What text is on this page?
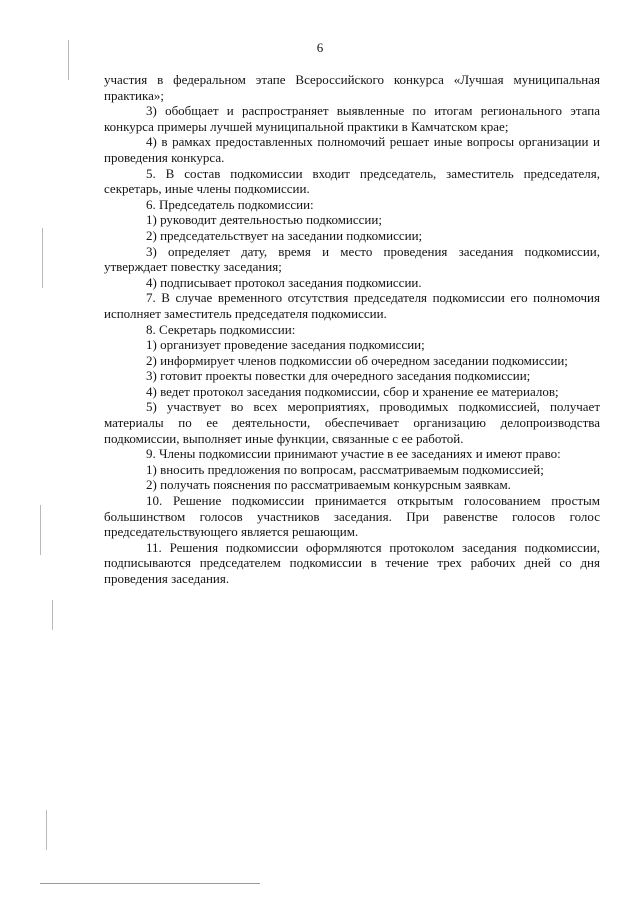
6

участия в федеральном этапе Всероссийского конкурса «Лучшая муниципальная практика»;

3) обобщает и распространяет выявленные по итогам регионального этапа конкурса примеры лучшей муниципальной практики в Камчатском крае;

4) в рамках предоставленных полномочий решает иные вопросы организации и проведения конкурса.

5. В состав подкомиссии входит председатель, заместитель председателя, секретарь, иные члены подкомиссии.

6. Председатель подкомиссии:

1) руководит деятельностью подкомиссии;

2) председательствует на заседании подкомиссии;

3) определяет дату, время и место проведения заседания подкомиссии, утверждает повестку заседания;

4) подписывает протокол заседания подкомиссии.

7. В случае временного отсутствия председателя подкомиссии его полномочия исполняет заместитель председателя подкомиссии.

8. Секретарь подкомиссии:

1) организует проведение заседания подкомиссии;

2) информирует членов подкомиссии об очередном заседании подкомиссии;

3) готовит проекты повестки для очередного заседания подкомиссии;

4) ведет протокол заседания подкомиссии, сбор и хранение ее материалов;

5) участвует во всех мероприятиях, проводимых подкомиссией, получает материалы по ее деятельности, обеспечивает организацию делопроизводства подкомиссии, выполняет иные функции, связанные с ее работой.

9. Члены подкомиссии принимают участие в ее заседаниях и имеют право:

1) вносить предложения по вопросам, рассматриваемым подкомиссией;

2) получать пояснения по рассматриваемым конкурсным заявкам.

10. Решение подкомиссии принимается открытым голосованием простым большинством голосов участников заседания. При равенстве голосов голос председательствующего является решающим.

11. Решения подкомиссии оформляются протоколом заседания подкомиссии, подписываются председателем подкомиссии в течение трех рабочих дней со дня проведения заседания.
